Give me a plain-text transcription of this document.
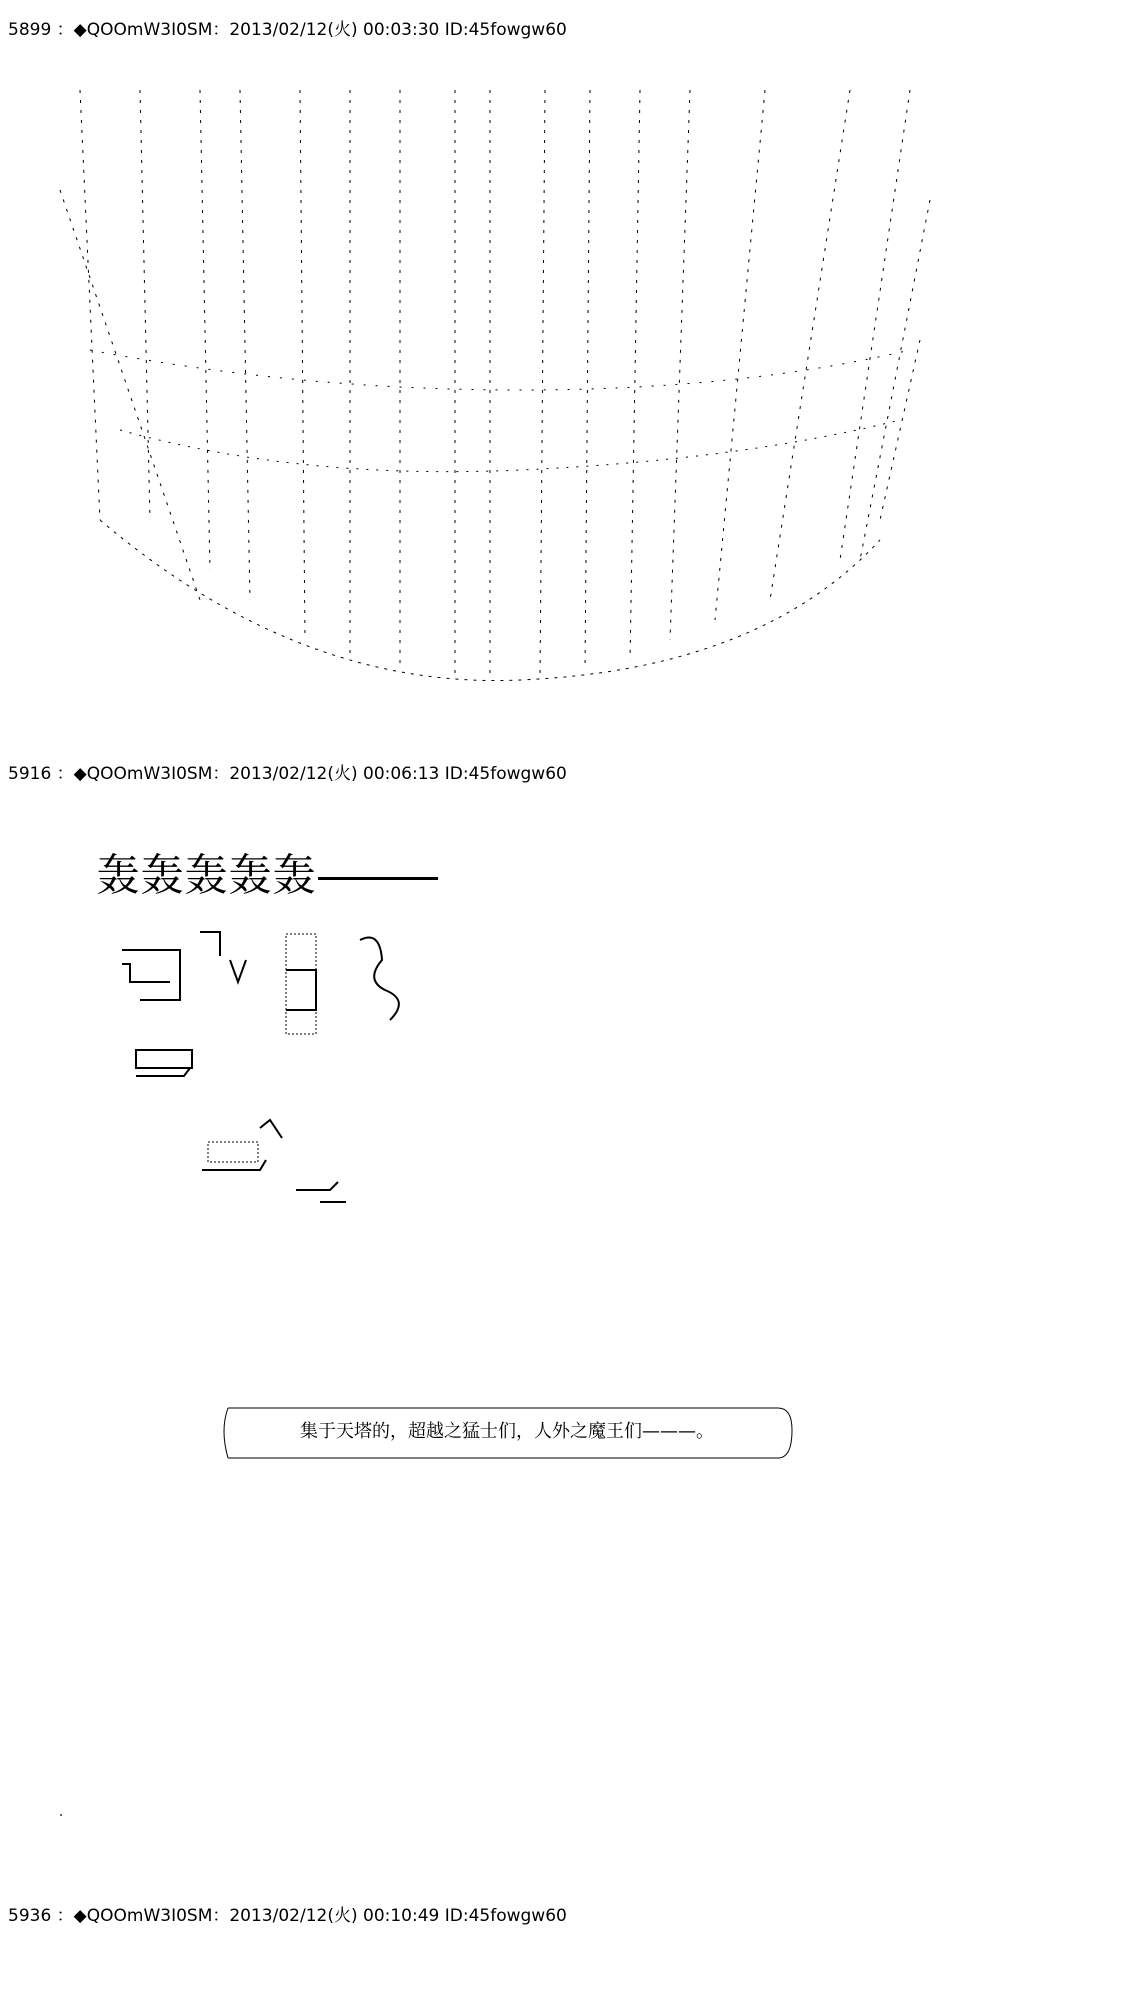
5899 ：◆QOOmW3I0SM：2013/02/12(火) 00:03:30 ID:45fowgw60
5916 ：◆QOOmW3I0SM：2013/02/12(火) 00:06:13 ID:45fowgw60
轰轰轰轰轰
集于天塔的，超越之猛士们，人外之魔王们———。
5936 ：◆QOOmW3I0SM：2013/02/12(火) 00:10:49 ID:45fowgw60
